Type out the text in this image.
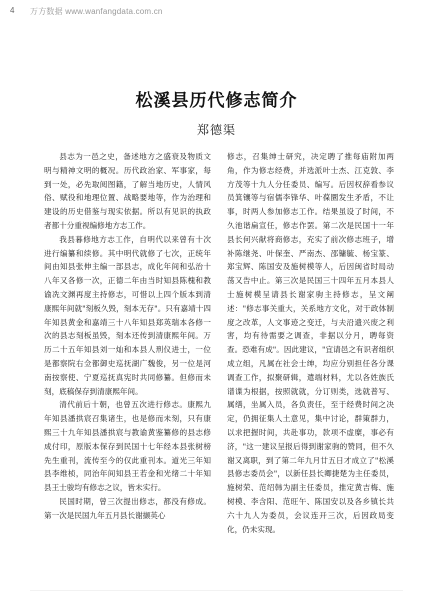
4 万方数据 www.wanfangdata.com.cn
松溪县历代修志简介
郑德渠

县志为一邑之史，备述地方之盛衰及物质文明与精神文明的概况。历代政治家、军事家，每到一处，必先取阅图籍，了解当地历史，人情风俗、赋役和地理位置、战略要地等，作为治理和建设的历史借鉴与现实依据。所以有见识的执政者都十分重视编修地方志工作。

我县暮修地方志工作，自明代以来曾有十次进行编纂和续修。其中明代就修了七次，正统年间由知县张伸主编一部县志，成化年间和弘治十八年又各修一次，正德二年由当时知县陈槐和教谕冼文渊再度主持修志，可惜以上四个版本到清康熙年间就"刻板久毁，刻本无存"。只有嘉靖十四年知县黄金和嘉靖三十八年知县郑英瑞本各修一次的县志刻板虽毁，刻本还传到清康熙年间。万历二十五年知县刘一灿和本县人刑仪进士，一位是都察院右佥都御史巡抚湖广魏俊，另一位是河南按察使、宁夏巡抚真宪时共同修纂。但修而未刻，底稿保存到清康熙年间。

清代前后十朝，也曾五次进行修志。康熙九年知县潘拱宸召集诸生，也是修而未刻，只有康熙三十九年知县潘拱宸与教谕黄鉴纂修的县志修成付印，原版本保存到民国十七年经本县张树榜先生重刊，流传至今的仅此重刊本。道光三年知县李维桢，同治年间知县王若金和光绪二十年知县王士骏均有修志之议，皆未实行。

民国时期，曾三次提出修志，都没有修成。第一次是民国九年五月县长谢撷英心

修志，召集绅士研究，决定聘了推每庙附加两角，作为修志经费，并选派叶士杰、江克敦、李方茂等十九人分任委员、编写。后因权辞看参议员箕镶等与宿儒李锋华、叶葆圜发生矛盾，不让事，时两人参加修志工作。结果虽设了时间，不久池谐扁宣任，修志作罢。第二次是民国十一年县长何兴献将商修志，充实了前次修志班子，增补陈继尧、叶保奎、严南杰、邵镛毓、杨宝篆、郑宝辉、陈国安及施树模等人，后因闽省时局动荡又告中止。第三次是民国三十四年五月本县人士施树模呈请县长谢家驹主持修志，呈文阐述："修志事关重大，关系地方文化，对于政体制度之改革，人文事迹之变迁，与夫沿遗兴废之利害，均有待需要之调查，非据以分月，聘每资查。恐难有成"。因此建议，"宜请邑之有识者组织成立组，凡属在社会士绅，均应分别担任各分课调查工作，拟聚研辑，遣端材料，尤以各姓族氏谱谍为根据，按照就就，分订则类，选就普写、属缮，坐属入员，各负责任，至于经费时间之决定，仍拥征集人土意见，集中讨论，群策群力，以求把握时间，共赴事功，款项不虚糜，事必有济，"这一建议呈报后得到谢家驹的赞同，但不久谢又离职，到了第二年九月廿五日才成立了"松溪县修志委员会"，以新任县长卿捷楚为主任委员，施树荣、范绍韩为副主任委员，推定黄吉梅、施树模、李含阳、范旺午、陈国安以及各乡镇长共六十九人为委员，会议连开三次，后因政局变化，仍未实现。
